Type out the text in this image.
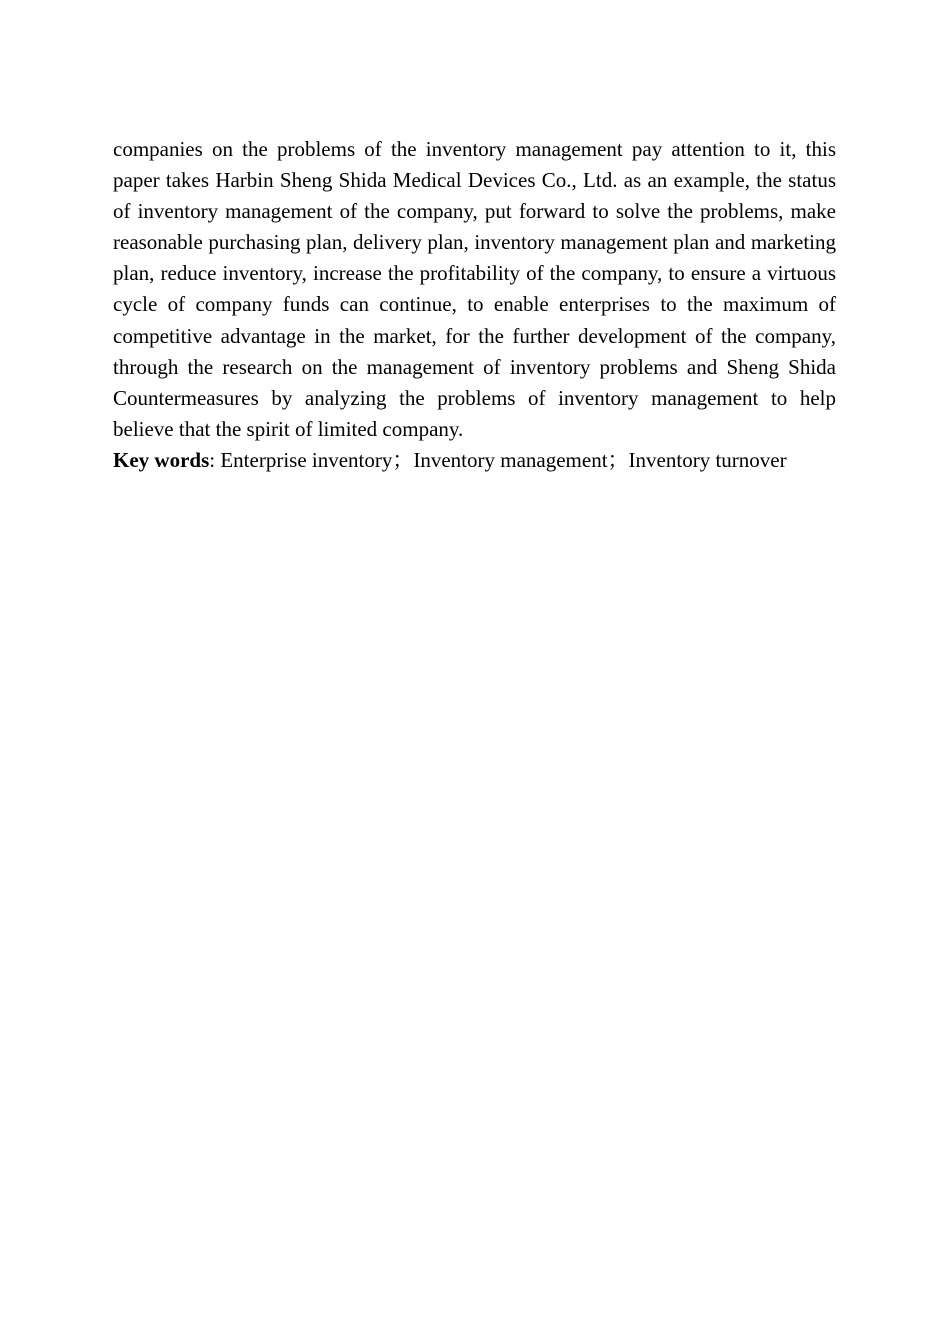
companies on the problems of the inventory management pay attention to it, this paper takes Harbin Sheng Shida Medical Devices Co., Ltd. as an example, the status of inventory management of the company, put forward to solve the problems, make reasonable purchasing plan, delivery plan, inventory management plan and marketing plan, reduce inventory, increase the profitability of the company, to ensure a virtuous cycle of company funds can continue, to enable enterprises to the maximum of competitive advantage in the market, for the further development of the company, through the research on the management of inventory problems and Sheng Shida Countermeasures by analyzing the problems of inventory management to help believe that the spirit of limited company.

Key words: Enterprise inventory；Inventory management；Inventory turnover
